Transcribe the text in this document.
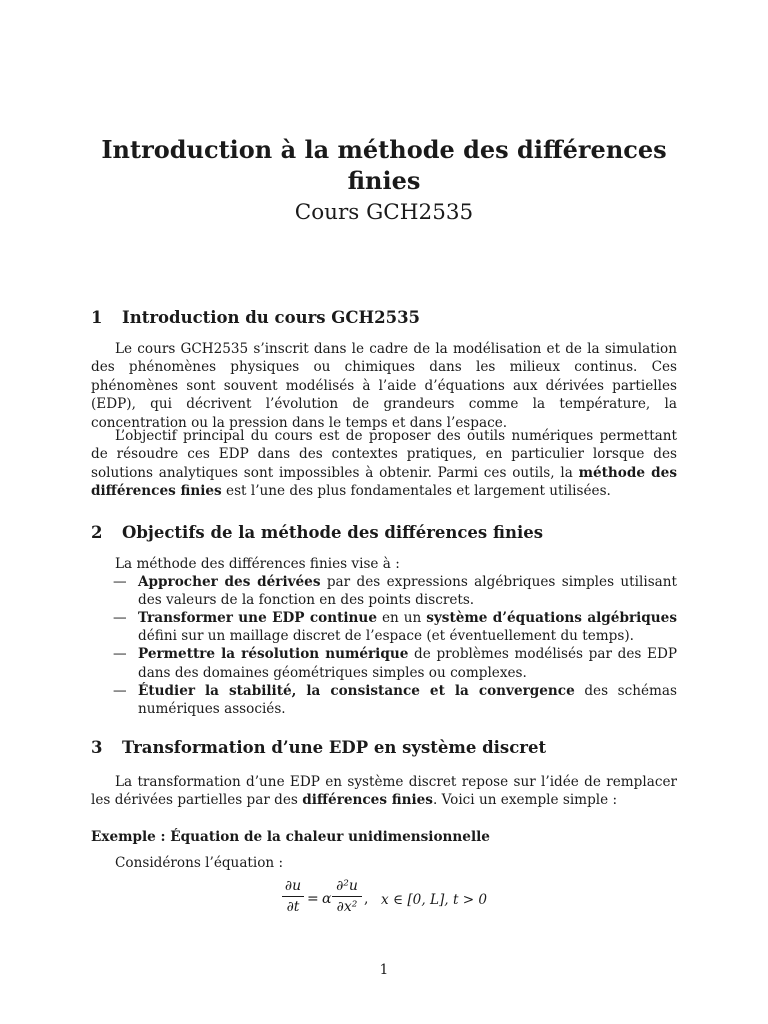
Introduction à la méthode des différences finies
Cours GCH2535
1 Introduction du cours GCH2535

Le cours GCH2535 s’inscrit dans le cadre de la modélisation et de la simulation des phénomènes physiques ou chimiques dans les milieux continus. Ces phénomènes sont souvent modélisés à l’aide d’équations aux dérivées partielles (EDP), qui décrivent l’évolution de grandeurs comme la température, la concentration ou la pression dans le temps et dans l’espace.

L’objectif principal du cours est de proposer des outils numériques permettant de résoudre ces EDP dans des contextes pratiques, en particulier lorsque des solutions analytiques sont impossibles à obtenir. Parmi ces outils, la méthode des différences finies est l’une des plus fondamentales et largement utilisées.

2 Objectifs de la méthode des différences finies
La méthode des différences finies vise à :
— Approcher des dérivées par des expressions algébriques simples utilisant des valeurs de la fonction en des points discrets.
— Transformer une EDP continue en un système d’équations algébriques défini sur un maillage discret de l’espace (et éventuellement du temps).
— Permettre la résolution numérique de problèmes modélisés par des EDP dans des domaines géométriques simples ou complexes.
— Étudier la stabilité, la consistance et la convergence des schémas numériques associés.
3 Transformation d’une EDP en système discret

La transformation d’une EDP en système discret repose sur l’idée de remplacer les dérivées partielles par des différences finies. Voici un exemple simple :

Exemple : Équation de la chaleur unidimensionnelle

Considérons l’équation :

∂u
∂t = α
∂²u
∂x² , x ∈ [0, L], t > 0
1
